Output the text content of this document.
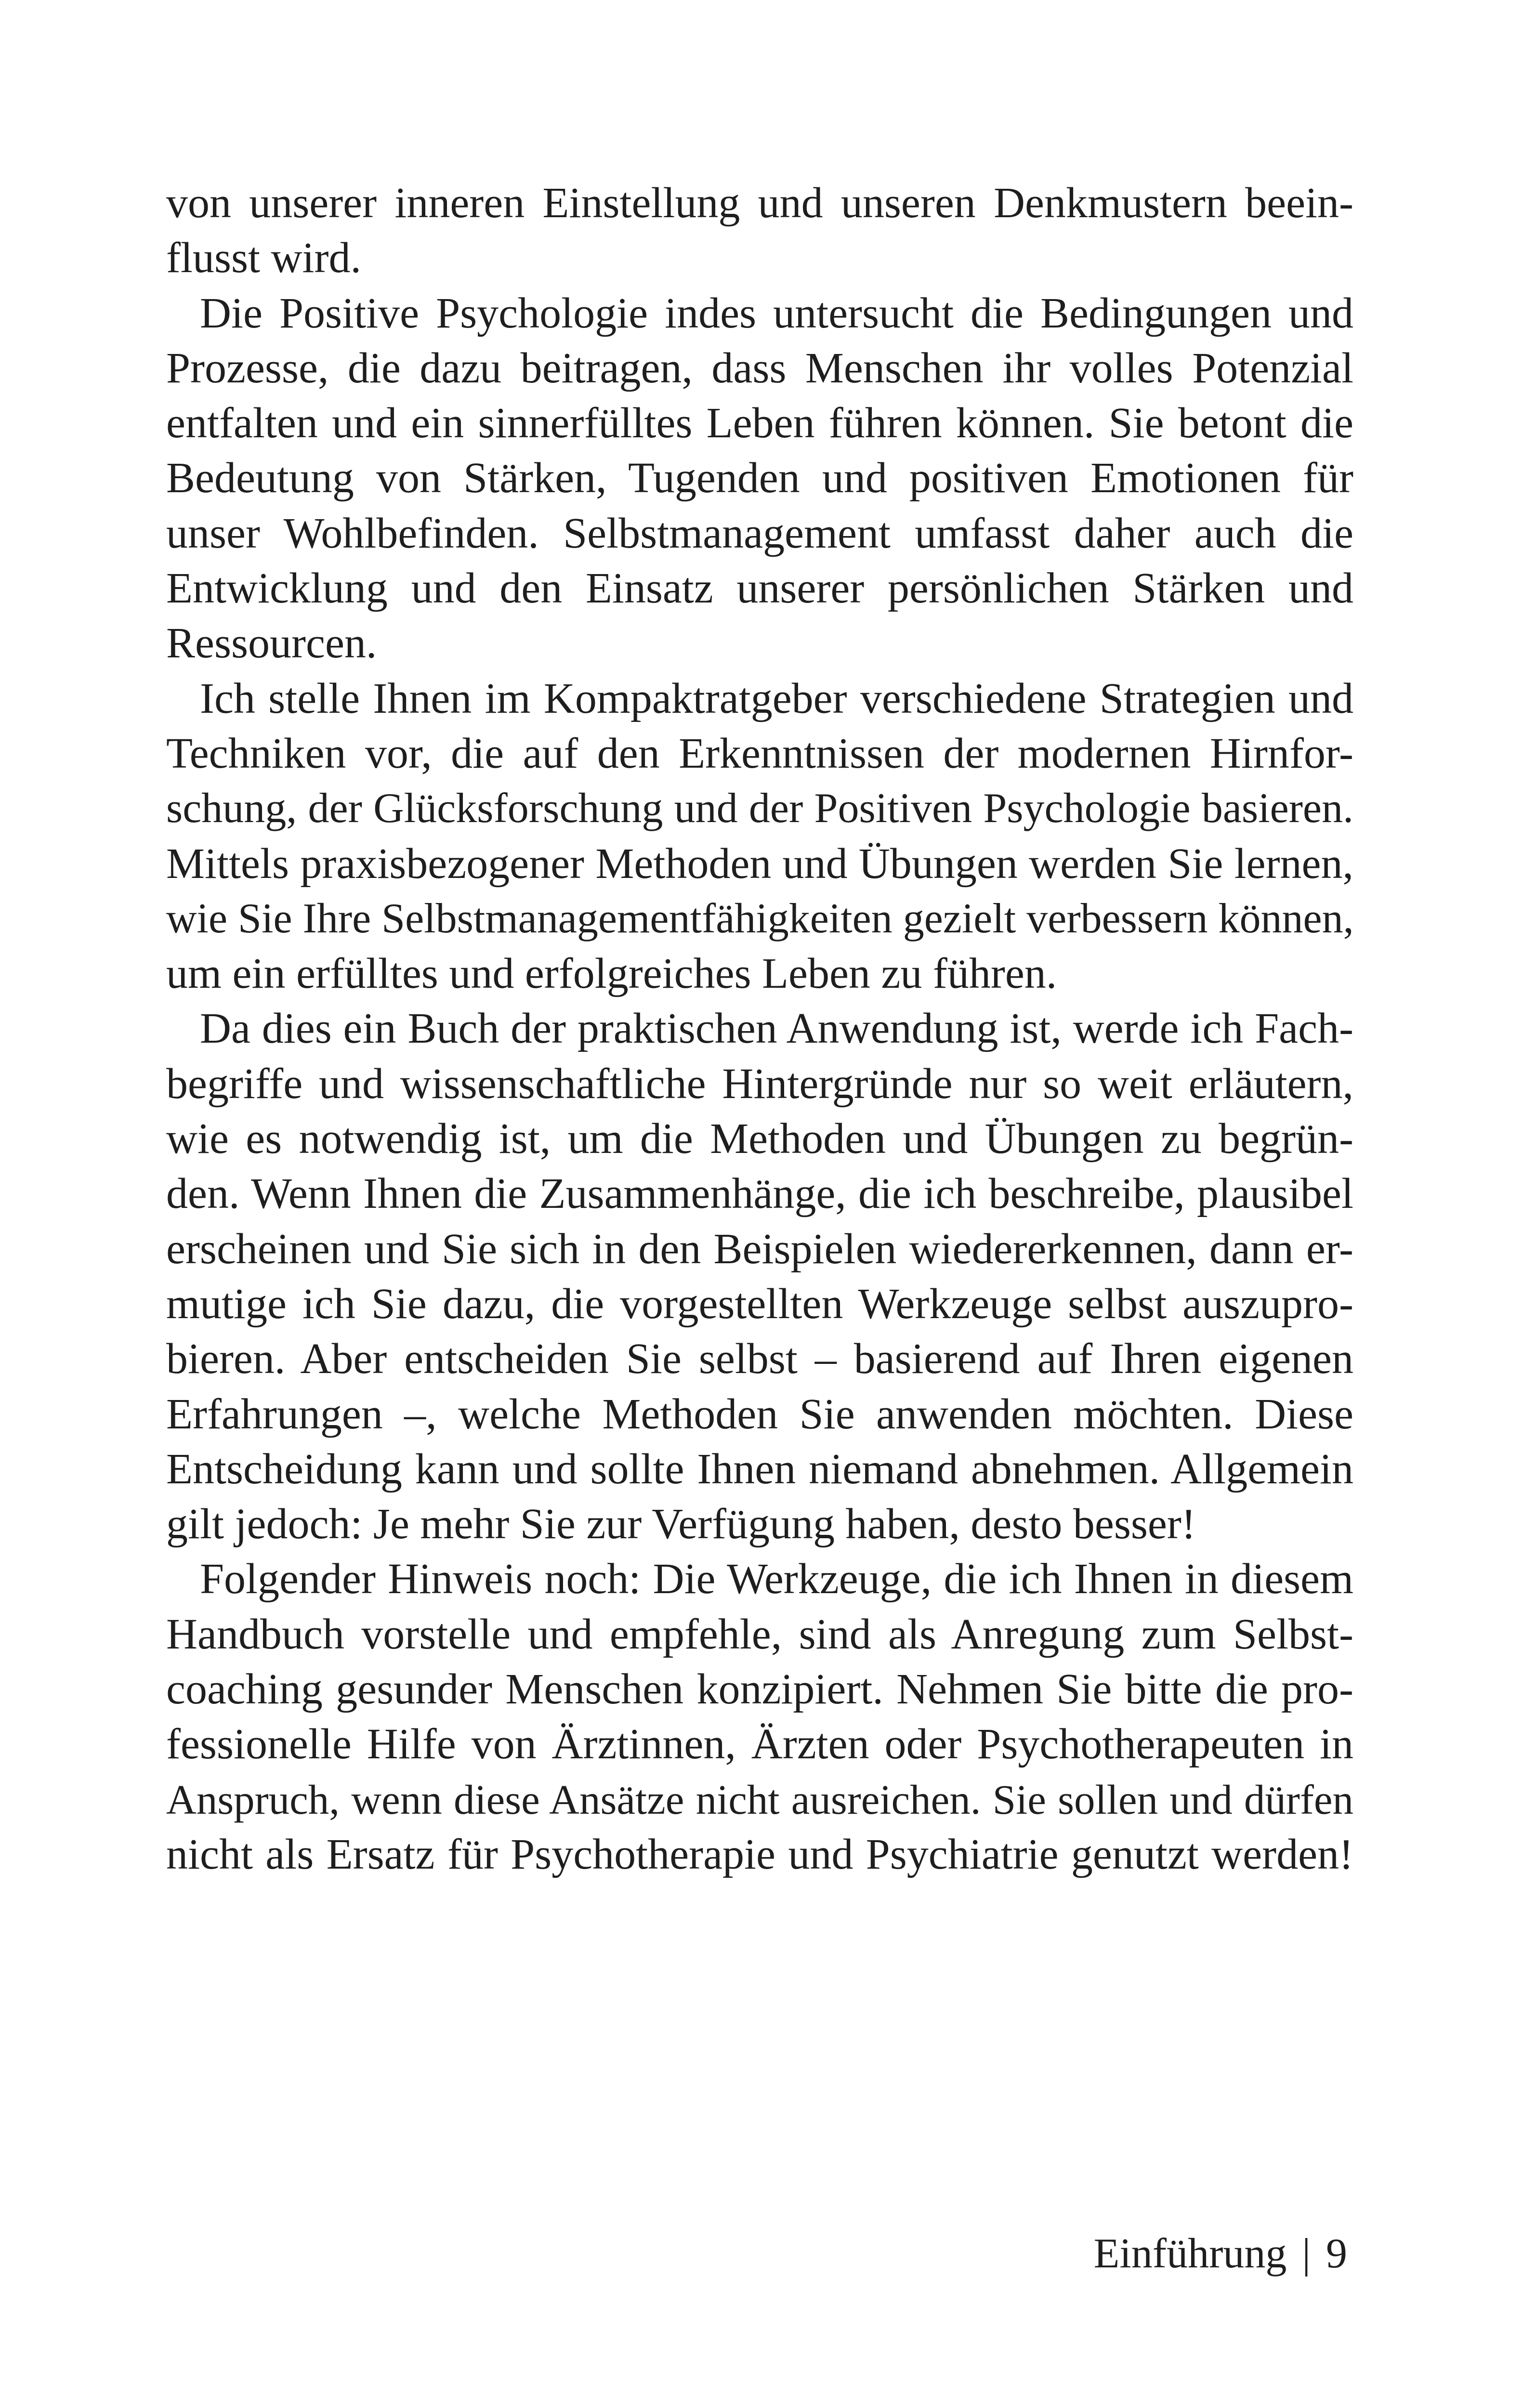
von unserer inneren Einstellung und unseren Denkmustern beein-
flusst wird.
Die Positive Psychologie indes untersucht die Bedingungen und
Prozesse, die dazu beitragen, dass Menschen ihr volles Potenzial
entfalten und ein sinnerfülltes Leben führen können. Sie betont die
Bedeutung von Stärken, Tugenden und positiven Emotionen für
unser Wohlbefinden. Selbstmanagement umfasst daher auch die
Entwicklung und den Einsatz unserer persönlichen Stärken und
Ressourcen.
Ich stelle Ihnen im Kompaktratgeber verschiedene Strategien und
Techniken vor, die auf den Erkenntnissen der modernen Hirnfor-
schung, der Glücksforschung und der Positiven Psychologie basieren.
Mittels praxisbezogener Methoden und Übungen werden Sie lernen,
wie Sie Ihre Selbstmanagementfähigkeiten gezielt verbessern können,
um ein erfülltes und erfolgreiches Leben zu führen.
Da dies ein Buch der praktischen Anwendung ist, werde ich Fach-
begriffe und wissenschaftliche Hintergründe nur so weit erläutern,
wie es notwendig ist, um die Methoden und Übungen zu begrün-
den. Wenn Ihnen die Zusammenhänge, die ich beschreibe, plausibel
erscheinen und Sie sich in den Beispielen wiedererkennen, dann er-
mutige ich Sie dazu, die vorgestellten Werkzeuge selbst auszupro-
bieren. Aber entscheiden Sie selbst – basierend auf Ihren eigenen
Erfahrungen –, welche Methoden Sie anwenden möchten. Diese
Entscheidung kann und sollte Ihnen niemand abnehmen. Allgemein
gilt jedoch: Je mehr Sie zur Verfügung haben, desto besser!
Folgender Hinweis noch: Die Werkzeuge, die ich Ihnen in diesem
Handbuch vorstelle und empfehle, sind als Anregung zum Selbst-
coaching gesunder Menschen konzipiert. Nehmen Sie bitte die pro-
fessionelle Hilfe von Ärztinnen, Ärzten oder Psychotherapeuten in
Anspruch, wenn diese Ansätze nicht ausreichen. Sie sollen und dürfen
nicht als Ersatz für Psychotherapie und Psychiatrie genutzt werden!
Einführung | 9
